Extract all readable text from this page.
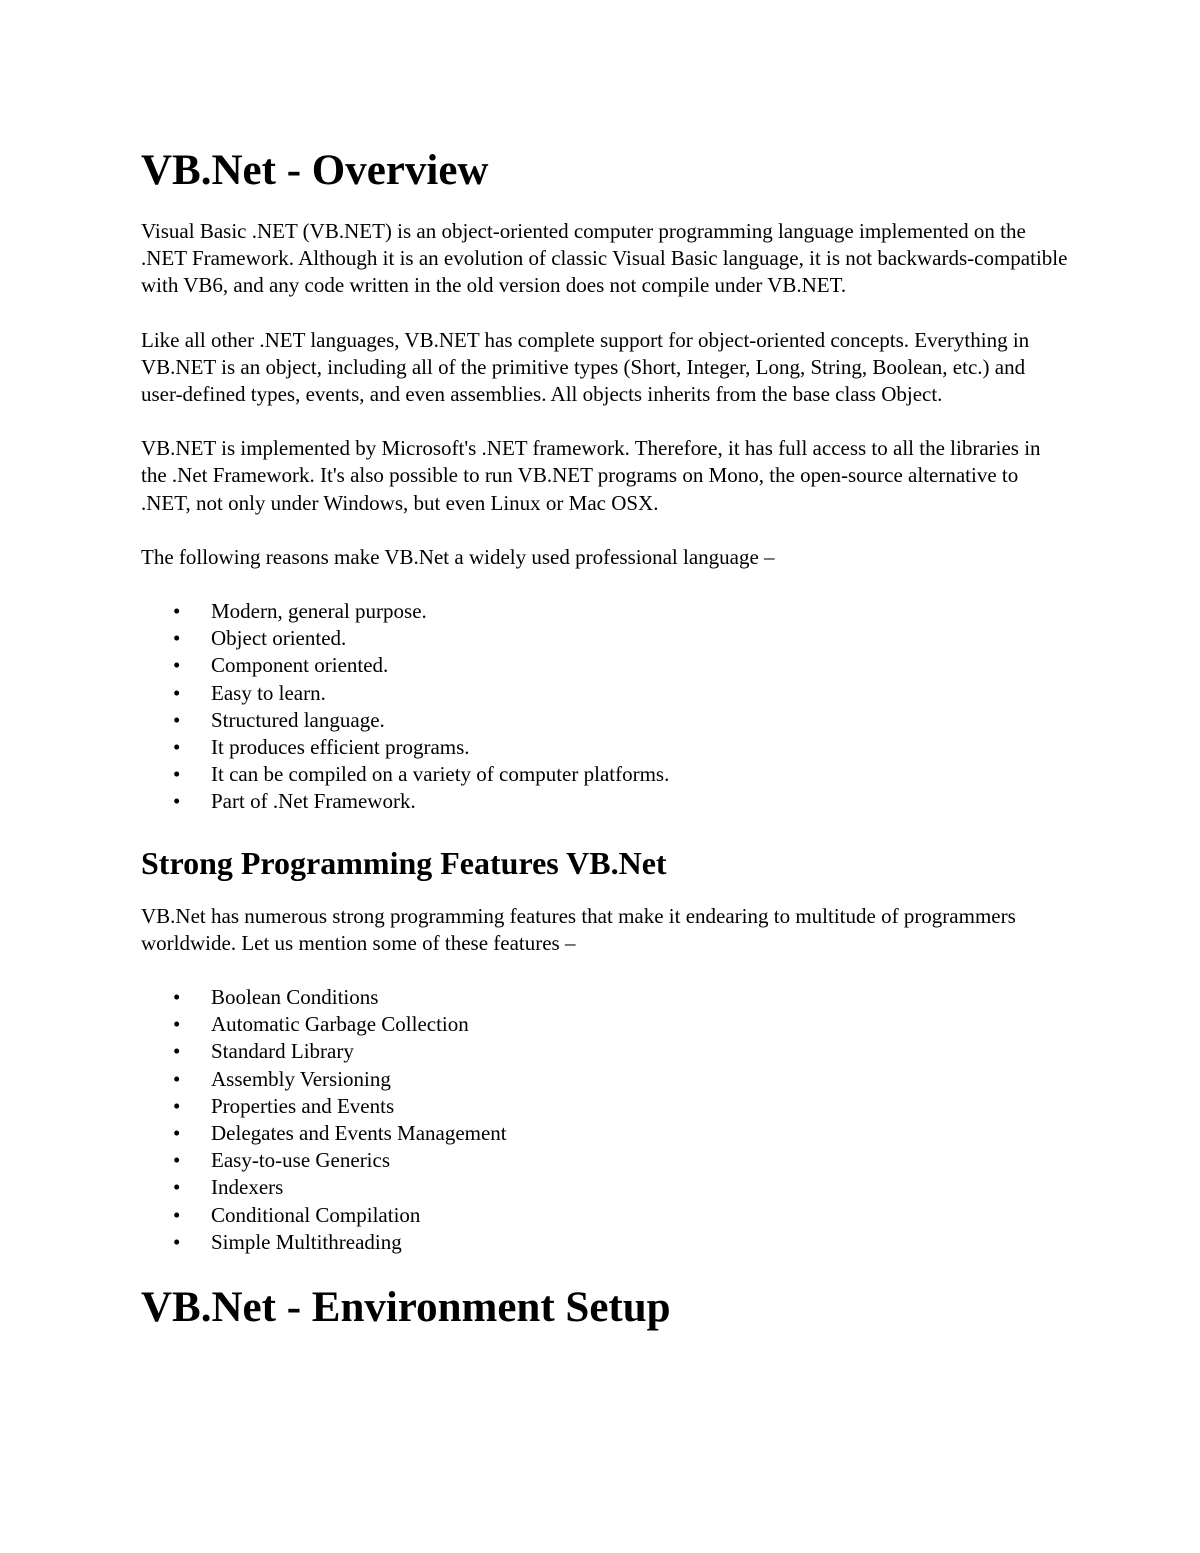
VB.Net - Overview

Visual Basic .NET (VB.NET) is an object-oriented computer programming language implemented on the .NET Framework. Although it is an evolution of classic Visual Basic language, it is not backwards-compatible with VB6, and any code written in the old version does not compile under VB.NET.

Like all other .NET languages, VB.NET has complete support for object-oriented concepts. Everything in VB.NET is an object, including all of the primitive types (Short, Integer, Long, String, Boolean, etc.) and user-defined types, events, and even assemblies. All objects inherits from the base class Object.

VB.NET is implemented by Microsoft's .NET framework. Therefore, it has full access to all the libraries in the .Net Framework. It's also possible to run VB.NET programs on Mono, the open-source alternative to .NET, not only under Windows, but even Linux or Mac OSX.

The following reasons make VB.Net a widely used professional language –

• Modern, general purpose.
• Object oriented.
• Component oriented.
• Easy to learn.
• Structured language.
• It produces efficient programs.
• It can be compiled on a variety of computer platforms.
• Part of .Net Framework.
Strong Programming Features VB.Net

VB.Net has numerous strong programming features that make it endearing to multitude of programmers worldwide. Let us mention some of these features –

• Boolean Conditions
• Automatic Garbage Collection
• Standard Library
• Assembly Versioning
• Properties and Events
• Delegates and Events Management
• Easy-to-use Generics
• Indexers
• Conditional Compilation
• Simple Multithreading
VB.Net - Environment Setup
